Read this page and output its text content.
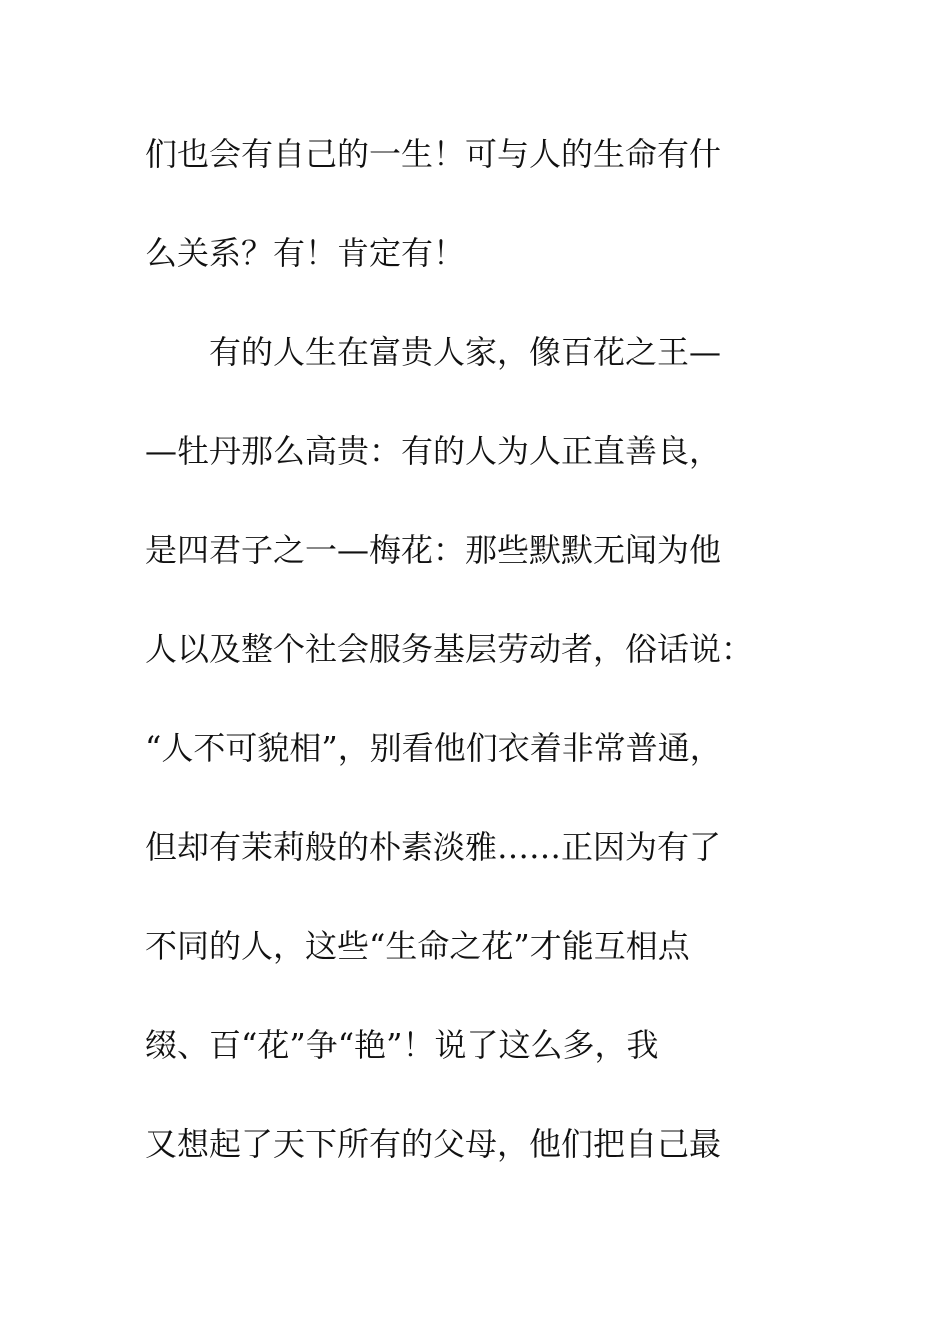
们也会有自己的一生！可与人的生命有什
么关系？有！肯定有！
　　有的人生在富贵人家，像百花之王—
—牡丹那么高贵：有的人为人正直善良，
是四君子之一—梅花：那些默默无闻为他
人以及整个社会服务基层劳动者，俗话说：
“人不可貌相”，别看他们衣着非常普通，
但却有茉莉般的朴素淡雅……正因为有了
不同的人，这些“生命之花”才能互相点
缀、百“花”争“艳”！说了这么多，我
又想起了天下所有的父母，他们把自己最
